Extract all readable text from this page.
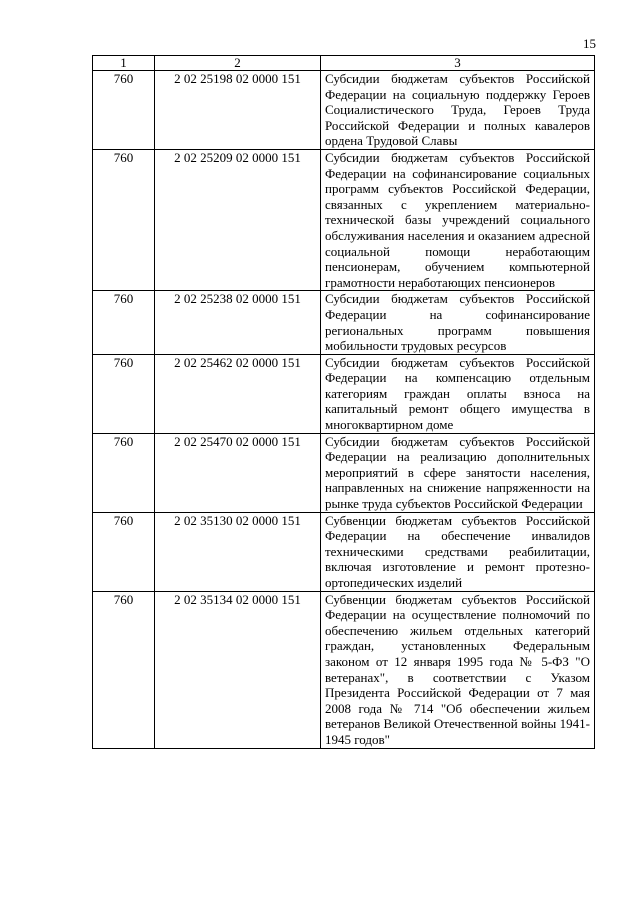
15
1	2	3
760	2 02 25198 02 0000 151	Субсидии бюджетам субъектов Российской Федерации на социальную поддержку Героев Социалистического Труда, Героев Труда Российской Федерации и полных кавалеров ордена Трудовой Славы
760	2 02 25209 02 0000 151	Субсидии бюджетам субъектов Российской Федерации на софинансирование социальных программ субъектов Российской Федерации, связанных с укреплением материально-технической базы учреждений социального обслуживания населения и оказанием адресной социальной помощи неработающим пенсионерам, обучением компьютерной грамотности неработающих пенсионеров
760	2 02 25238 02 0000 151	Субсидии бюджетам субъектов Российской Федерации на софинансирование региональных программ повышения мобильности трудовых ресурсов
760	2 02 25462 02 0000 151	Субсидии бюджетам субъектов Российской Федерации на компенсацию отдельным категориям граждан оплаты взноса на капитальный ремонт общего имущества в многоквартирном доме
760	2 02 25470 02 0000 151	Субсидии бюджетам субъектов Российской Федерации на реализацию дополнительных мероприятий в сфере занятости населения, направленных на снижение напряженности на рынке труда субъектов Российской Федерации
760	2 02 35130 02 0000 151	Субвенции бюджетам субъектов Российской Федерации на обеспечение инвалидов техническими средствами реабилитации, включая изготовление и ремонт протезно-ортопедических изделий
760	2 02 35134 02 0000 151	Субвенции бюджетам субъектов Российской Федерации на осуществление полномочий по обеспечению жильем отдельных категорий граждан, установленных Федеральным законом от 12 января 1995 года № 5-ФЗ "О ветеранах", в соответствии с Указом Президента Российской Федерации от 7 мая 2008 года № 714 "Об обеспечении жильем ветеранов Великой Отечественной войны 1941-1945 годов"
